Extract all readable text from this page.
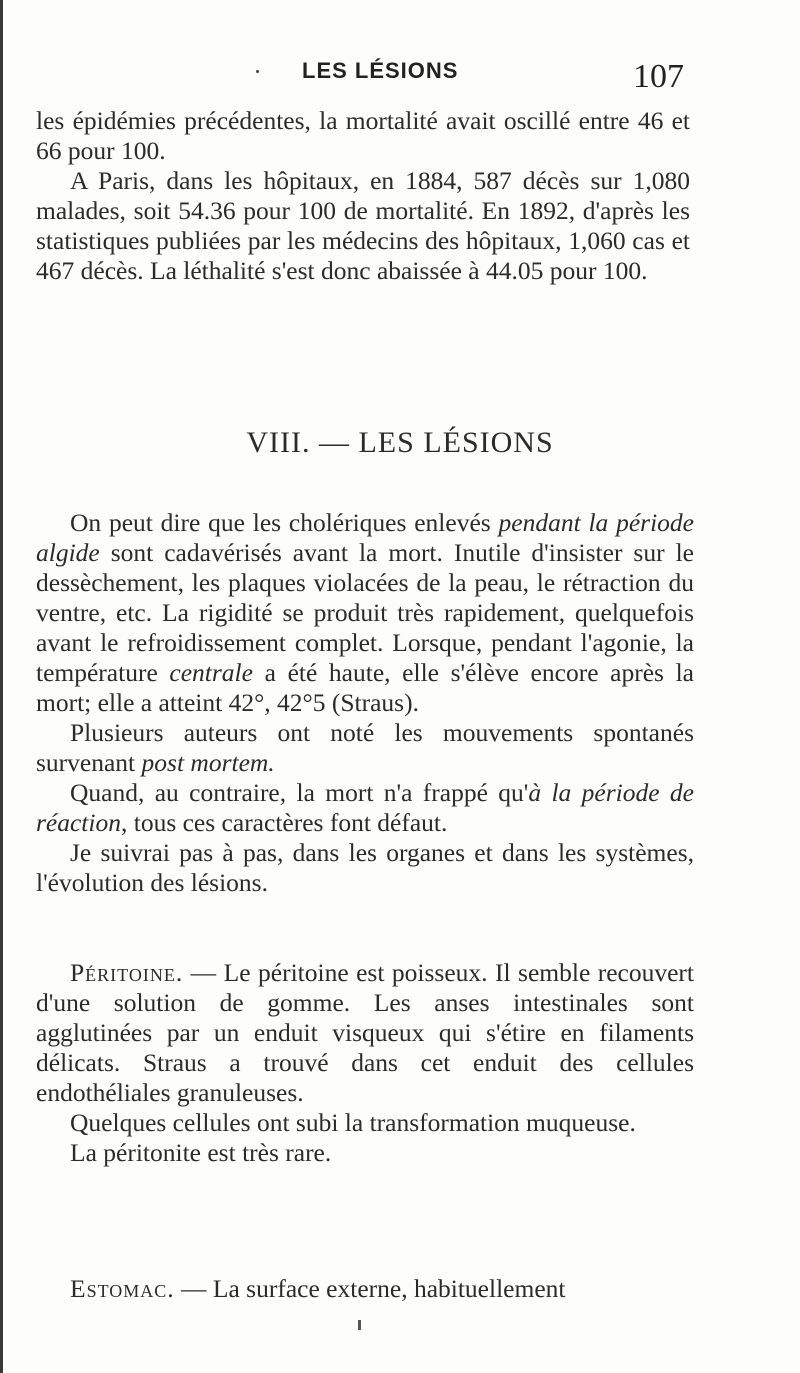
LES LÉSIONS	107

les épidémies précédentes, la mortalité avait oscillé entre 46 et 66 pour 100.

A Paris, dans les hôpitaux, en 1884, 587 décès sur 1,080 malades, soit 54.36 pour 100 de mortalité. En 1892, d'après les statistiques publiées par les médecins des hôpitaux, 1,060 cas et 467 décès. La léthalité s'est donc abaissée à 44.05 pour 100.

VIII. — LES LÉSIONS

On peut dire que les cholériques enlevés pendant la période algide sont cadavérisés avant la mort. Inutile d'insister sur le dessèchement, les plaques violacées de la peau, le rétraction du ventre, etc. La rigidité se produit très rapidement, quelquefois avant le refroidissement complet. Lorsque, pendant l'agonie, la température centrale a été haute, elle s'élève encore après la mort; elle a atteint 42°, 42°5 (Straus).

Plusieurs auteurs ont noté les mouvements spontanés survenant post mortem.

Quand, au contraire, la mort n'a frappé qu'à la période de réaction, tous ces caractères font défaut.

Je suivrai pas à pas, dans les organes et dans les systèmes, l'évolution des lésions.

Péritoine. — Le péritoine est poisseux. Il semble recouvert d'une solution de gomme. Les anses intestinales sont agglutinées par un enduit visqueux qui s'étire en filaments délicats. Straus a trouvé dans cet enduit des cellules endothéliales granuleuses.

Quelques cellules ont subi la transformation muqueuse.

La péritonite est très rare.

Estomac. — La surface externe, habituellement
